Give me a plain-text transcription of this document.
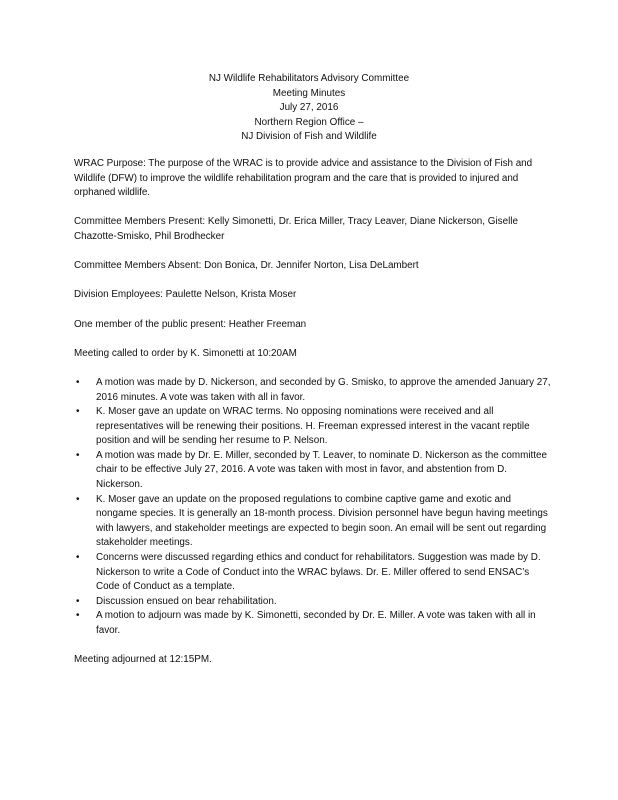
NJ Wildlife Rehabilitators Advisory Committee
Meeting Minutes
July 27, 2016
Northern Region Office –
NJ Division of Fish and Wildlife

WRAC Purpose: The purpose of the WRAC is to provide advice and assistance to the Division of Fish and Wildlife (DFW) to improve the wildlife rehabilitation program and the care that is provided to injured and orphaned wildlife.

Committee Members Present: Kelly Simonetti, Dr. Erica Miller, Tracy Leaver, Diane Nickerson, Giselle Chazotte-Smisko, Phil Brodhecker

Committee Members Absent: Don Bonica, Dr. Jennifer Norton, Lisa DeLambert

Division Employees: Paulette Nelson, Krista Moser

One member of the public present: Heather Freeman

Meeting called to order by K. Simonetti at 10:20AM

• A motion was made by D. Nickerson, and seconded by G. Smisko, to approve the amended January 27, 2016 minutes. A vote was taken with all in favor.
• K. Moser gave an update on WRAC terms. No opposing nominations were received and all representatives will be renewing their positions. H. Freeman expressed interest in the vacant reptile position and will be sending her resume to P. Nelson.
• A motion was made by Dr. E. Miller, seconded by T. Leaver, to nominate D. Nickerson as the committee chair to be effective July 27, 2016. A vote was taken with most in favor, and abstention from D. Nickerson.
• K. Moser gave an update on the proposed regulations to combine captive game and exotic and nongame species. It is generally an 18-month process. Division personnel have begun having meetings with lawyers, and stakeholder meetings are expected to begin soon. An email will be sent out regarding stakeholder meetings.
• Concerns were discussed regarding ethics and conduct for rehabilitators. Suggestion was made by D. Nickerson to write a Code of Conduct into the WRAC bylaws. Dr. E. Miller offered to send ENSAC’s Code of Conduct as a template.
• Discussion ensued on bear rehabilitation.
• A motion to adjourn was made by K. Simonetti, seconded by Dr. E. Miller. A vote was taken with all in favor.

Meeting adjourned at 12:15PM.
